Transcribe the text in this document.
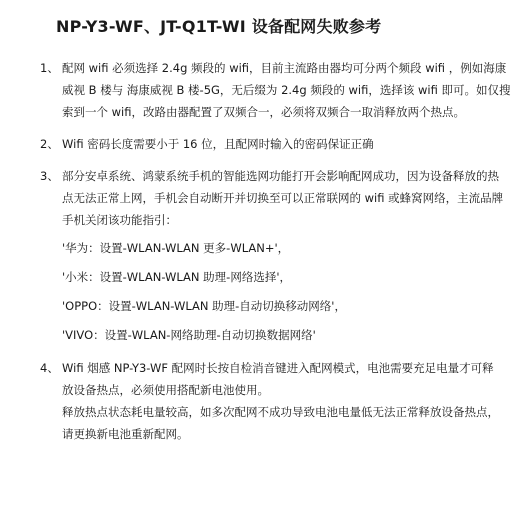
NP-Y3-WF、JT-Q1T-WI 设备配网失败参考
1、 配网 wifi 必须选择 2.4g 频段的 wifi，目前主流路由器均可分两个频段 wifi ，例如海康
威视 B 楼与 海康威视 B 楼-5G，无后缀为 2.4g 频段的 wifi，选择该 wifi 即可。如仅搜
索到一个 wifi，改路由器配置了双频合一，必须将双频合一取消释放两个热点。
2、 Wifi 密码长度需要小于 16 位，且配网时输入的密码保证正确
3、 部分安卓系统、鸿蒙系统手机的智能选网功能打开会影响配网成功，因为设备释放的热
点无法正常上网，手机会自动断开并切换至可以正常联网的 wifi 或蜂窝网络，主流品牌
手机关闭该功能指引：
'华为：设置-WLAN-WLAN 更多-WLAN+'，
'小米：设置-WLAN-WLAN 助理-网络选择'，
'OPPO：设置-WLAN-WLAN 助理-自动切换移动网络'，
'VIVO：设置-WLAN-网络助理-自动切换数据网络'
4、 Wifi 烟感 NP-Y3-WF 配网时长按自检消音键进入配网模式，电池需要充足电量才可释
放设备热点，必须使用搭配新电池使用。
释放热点状态耗电量较高，如多次配网不成功导致电池电量低无法正常释放设备热点，
请更换新电池重新配网。
